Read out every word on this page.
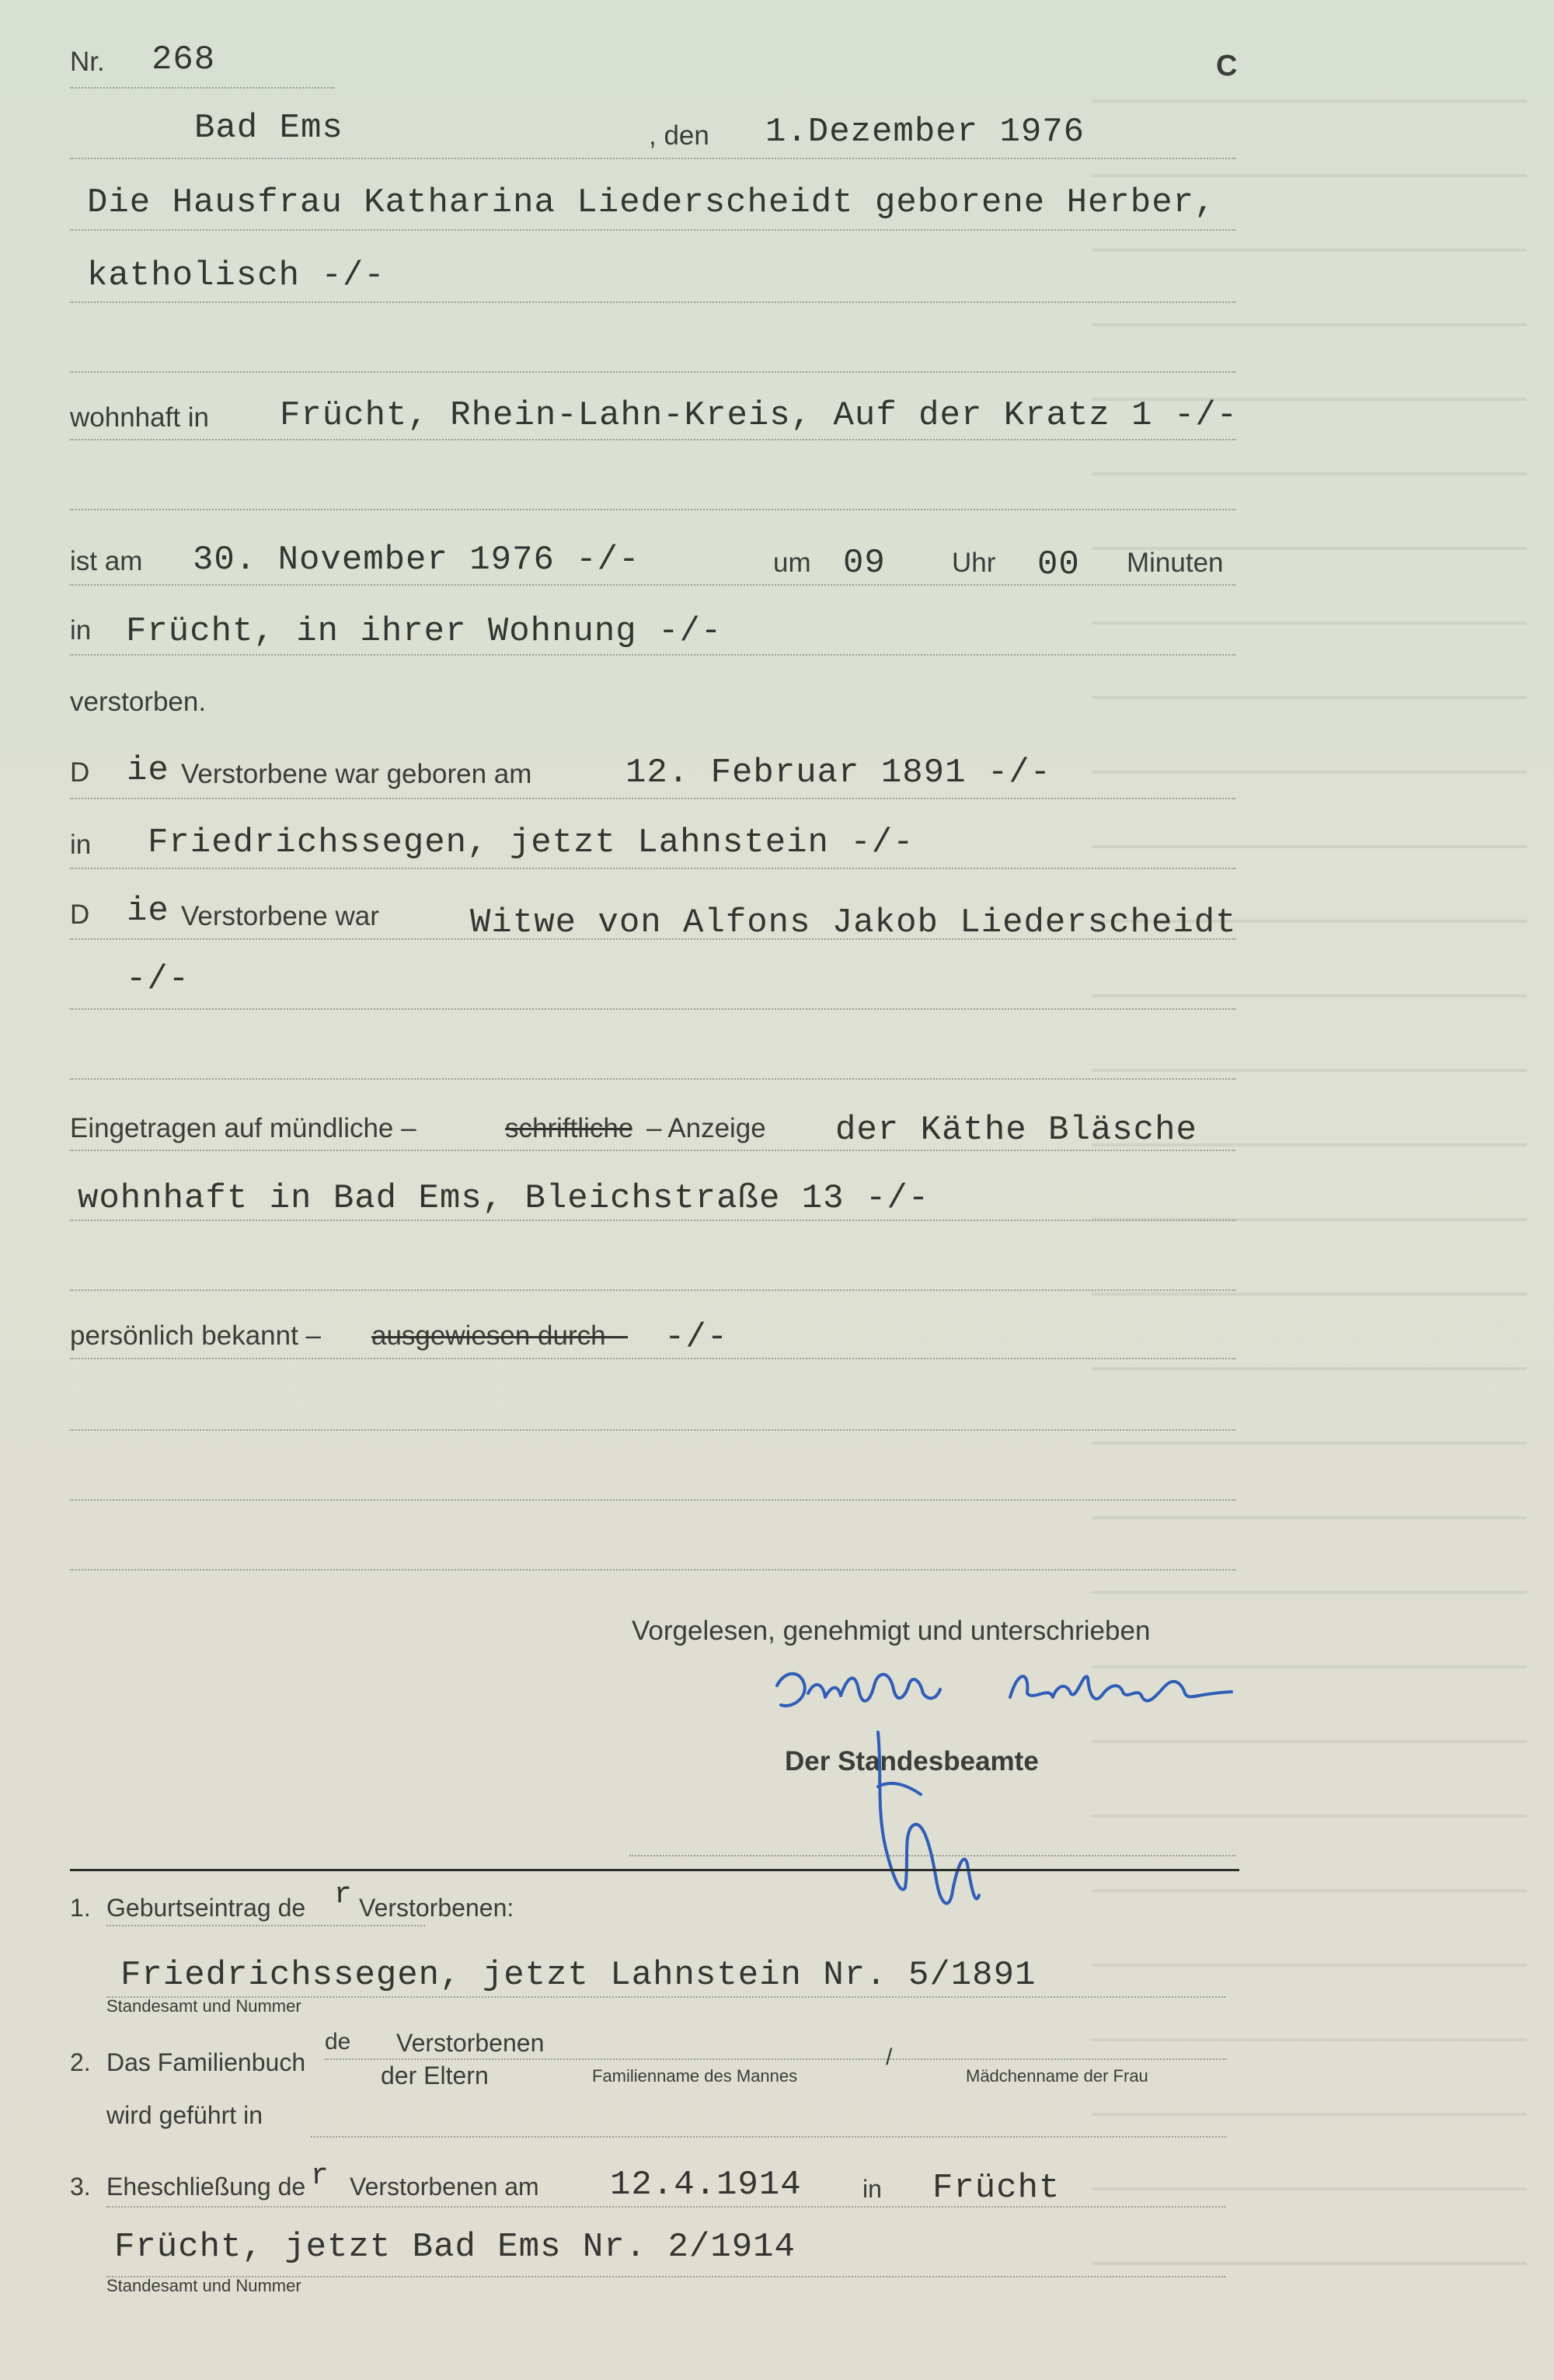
Nr. 268	C
Bad Ems	, den 1.Dezember 1976
Die Hausfrau Katharina Liederscheidt geborene Herber,
katholisch -/-
wohnhaft in Frücht, Rhein-Lahn-Kreis, Auf der Kratz 1 -/-
ist am 30. November 1976 -/-	um 09 Uhr 00 Minuten
in Frücht, in ihrer Wohnung -/-
verstorben.
D ie Verstorbene war geboren am	12. Februar 1891 -/-
in Friedrichssegen, jetzt Lahnstein -/-
D ie Verstorbene war	Witwe von Alfons Jakob Liederscheidt
-/-
Eingetragen auf mündliche –	schriftliche – Anzeige der Käthe Bläsche
wohnhaft in Bad Ems, Bleichstraße 13 -/-
persönlich bekannt – ausgewiesen durch -/-
Vorgelesen, genehmigt und unterschrieben
Der Standesbeamte
1. Geburtseintrag de r Verstorbenen:
Friedrichssegen, jetzt Lahnstein Nr. 5/1891
Standesamt und Nummer
2. Das Familienbuch
de Verstorbenen
der Eltern	Familienname des Mannes
/
Mädchenname der Frau
wird geführt in
3. Eheschließung de r Verstorbenen am 12.4.1914 in Frücht
Frücht, jetzt Bad Ems Nr. 2/1914
Standesamt und Nummer
